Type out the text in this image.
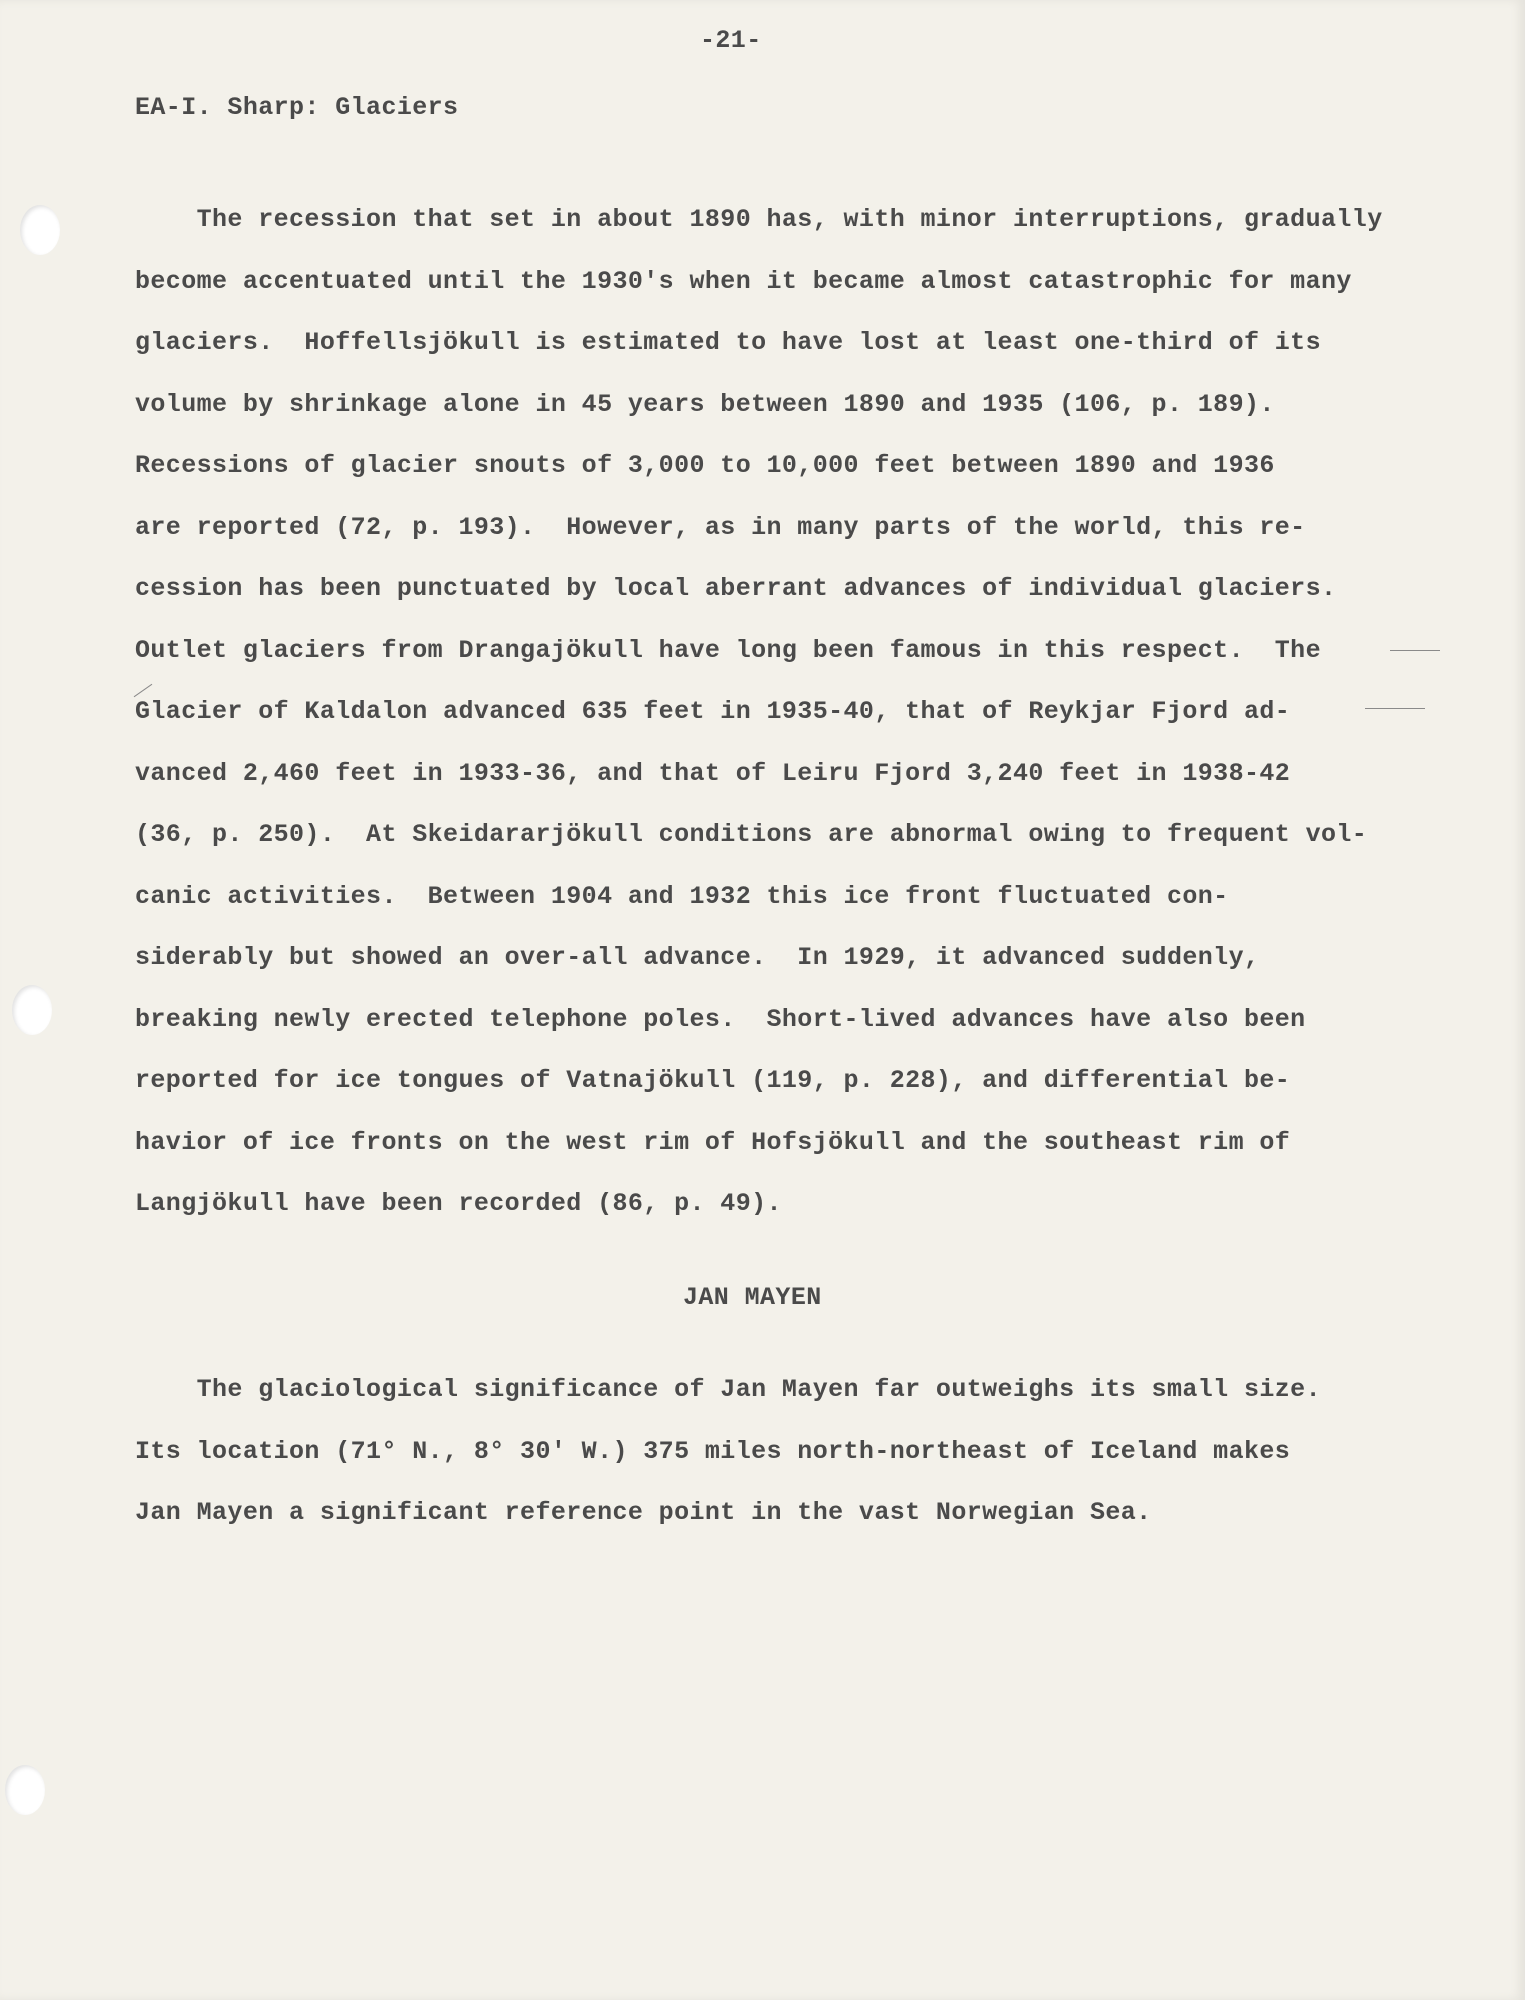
-21-

EA-I. Sharp: Glaciers

The recession that set in about 1890 has, with minor interruptions, gradually
become accentuated until the 1930's when it became almost catastrophic for many
glaciers.  Hoffellsjökull is estimated to have lost at least one-third of its
volume by shrinkage alone in 45 years between 1890 and 1935 (106, p. 189).
Recessions of glacier snouts of 3,000 to 10,000 feet between 1890 and 1936
are reported (72, p. 193).  However, as in many parts of the world, this re-
cession has been punctuated by local aberrant advances of individual glaciers.
Outlet glaciers from Drangajökull have long been famous in this respect.  The
Glacier of Kaldalon advanced 635 feet in 1935-40, that of Reykjar Fjord ad-
vanced 2,460 feet in 1933-36, and that of Leiru Fjord 3,240 feet in 1938-42
(36, p. 250).  At Skeidararjökull conditions are abnormal owing to frequent vol-
canic activities.  Between 1904 and 1932 this ice front fluctuated con-
siderably but showed an over-all advance.  In 1929, it advanced suddenly,
breaking newly erected telephone poles.  Short-lived advances have also been
reported for ice tongues of Vatnajökull (119, p. 228), and differential be-
havior of ice fronts on the west rim of Hofsjökull and the southeast rim of
Langjökull have been recorded (86, p. 49).

JAN MAYEN

The glaciological significance of Jan Mayen far outweighs its small size.
Its location (71° N., 8° 30' W.) 375 miles north-northeast of Iceland makes
Jan Mayen a significant reference point in the vast Norwegian Sea.
